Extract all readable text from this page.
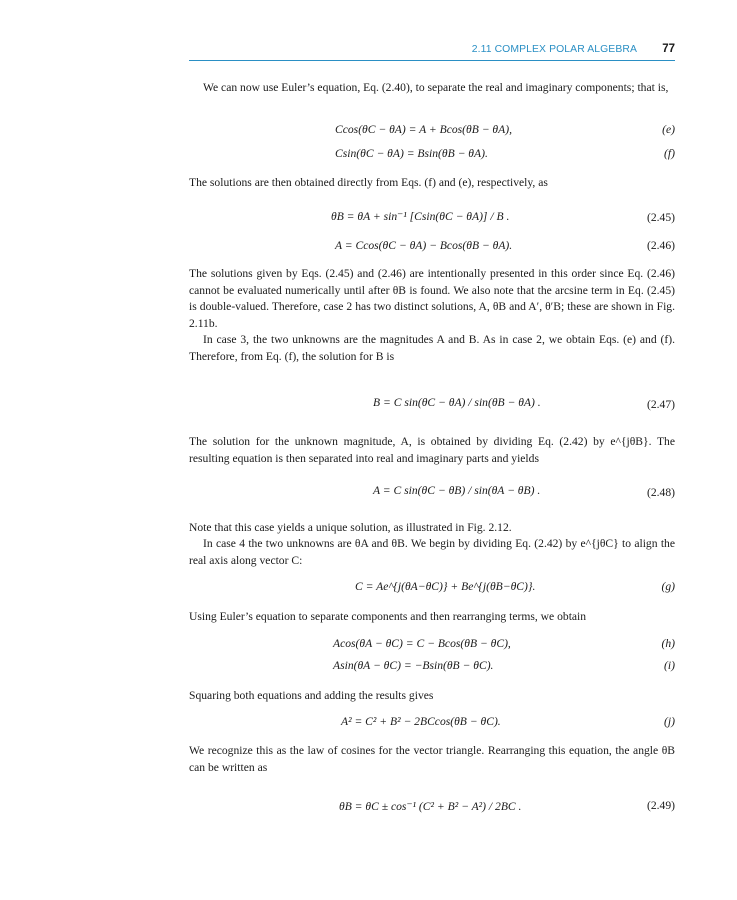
2.11 COMPLEX POLAR ALGEBRA 77
We can now use Euler’s equation, Eq. (2.40), to separate the real and imaginary components; that is,
Ccos(θC − θA) = A + Bcos(θB − θA),	(e)
Csin(θC − θA) = Bsin(θB − θA).	(f)
The solutions are then obtained directly from Eqs. (f) and (e), respectively, as
θB = θA + sin⁻¹ [Csin(θC − θA)] / B .	(2.45)
A = Ccos(θC − θA) − Bcos(θB − θA).	(2.46)
The solutions given by Eqs. (2.45) and (2.46) are intentionally presented in this order since Eq. (2.46) cannot be evaluated numerically until after θB is found. We also note that the arcsine term in Eq. (2.45) is double-valued. Therefore, case 2 has two distinct solutions, A, θB and A′, θ′B; these are shown in Fig. 2.11b.
In case 3, the two unknowns are the magnitudes A and B. As in case 2, we obtain Eqs. (e) and (f). Therefore, from Eq. (f), the solution for B is
B = C sin(θC − θA) / sin(θB − θA) .	(2.47)
The solution for the unknown magnitude, A, is obtained by dividing Eq. (2.42) by e^{jθB}. The resulting equation is then separated into real and imaginary parts and yields
A = C sin(θC − θB) / sin(θA − θB) .	(2.48)
Note that this case yields a unique solution, as illustrated in Fig. 2.12.
In case 4 the two unknowns are θA and θB. We begin by dividing Eq. (2.42) by e^{jθC} to align the real axis along vector C:
C = Ae^{j(θA−θC)} + Be^{j(θB−θC)}.	(g)
Using Euler’s equation to separate components and then rearranging terms, we obtain
Acos(θA − θC) = C − Bcos(θB − θC),	(h)
Asin(θA − θC) = −Bsin(θB − θC).	(i)
Squaring both equations and adding the results gives
A² = C² + B² − 2BCcos(θB − θC).	(j)
We recognize this as the law of cosines for the vector triangle. Rearranging this equation, the angle θB can be written as
θB = θC ± cos⁻¹ (C² + B² − A²) / 2BC .	(2.49)
